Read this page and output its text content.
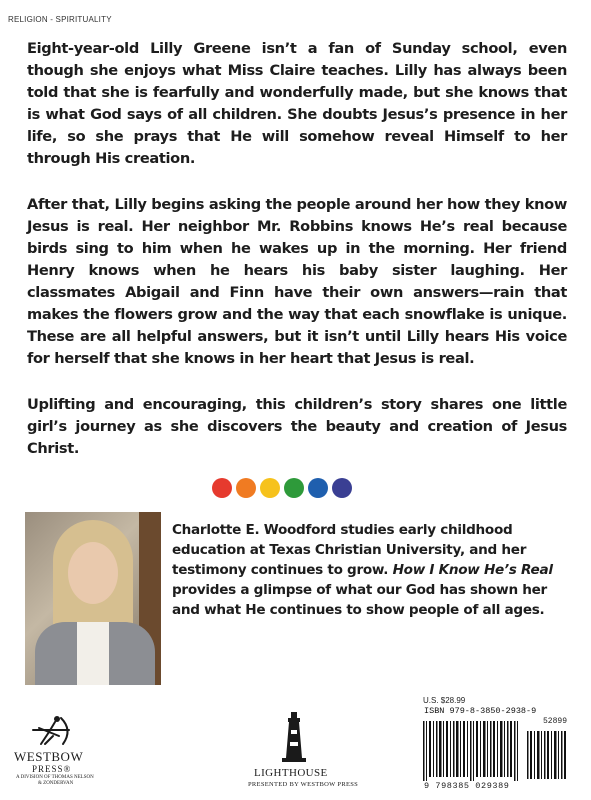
RELIGION - SPIRITUALITY
Eight-year-old Lilly Greene isn’t a fan of Sunday school, even though she enjoys what Miss Claire teaches. Lilly has always been told that she is fearfully and wonderfully made, but she knows that is what God says of all children. She doubts Jesus’s presence in her life, so she prays that He will somehow reveal Himself to her through His creation.
After that, Lilly begins asking the people around her how they know Jesus is real. Her neighbor Mr. Robbins knows He’s real because birds sing to him when he wakes up in the morning. Her friend Henry knows when he hears his baby sister laughing. Her classmates Abigail and Finn have their own answers—rain that makes the flowers grow and the way that each snowflake is unique. These are all helpful answers, but it isn’t until Lilly hears His voice for herself that she knows in her heart that Jesus is real.
Uplifting and encouraging, this children’s story shares one little girl’s journey as she discovers the beauty and creation of Jesus Christ.
Charlotte E. Woodford studies early childhood education at Texas Christian University, and her testimony continues to grow. How I Know He’s Real provides a glimpse of what our God has shown her and what He continues to show people of all ages.
U.S. $28.99
ISBN 979-8-3850-2938-9
52899
9 798385 029389
WESTBOW
PRESS®
A DIVISION OF THOMAS NELSON
& ZONDERVAN
LIGHTHOUSE
PRESENTED BY WESTBOW PRESS
